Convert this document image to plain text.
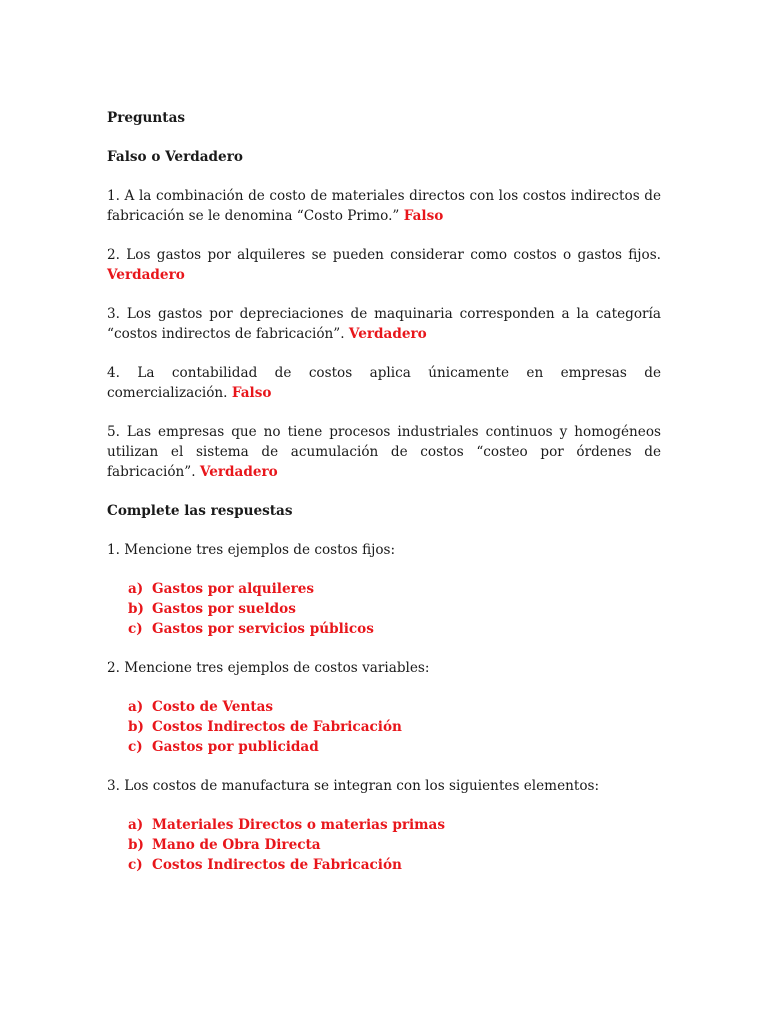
Preguntas

Falso o Verdadero

1. A la combinación de costo de materiales directos con los costos indirectos de fabricación se le denomina “Costo Primo.” Falso

2. Los gastos por alquileres se pueden considerar como costos o gastos fijos. Verdadero

3. Los gastos por depreciaciones de maquinaria corresponden a la categoría “costos indirectos de fabricación”. Verdadero

4. La contabilidad de costos aplica únicamente en empresas de comercialización. Falso

5. Las empresas que no tiene procesos industriales continuos y homogéneos utilizan el sistema de acumulación de costos “costeo por órdenes de fabricación”. Verdadero

Complete las respuestas

1. Mencione tres ejemplos de costos fijos:

a) Gastos por alquileres
b) Gastos por sueldos
c) Gastos por servicios públicos

2. Mencione tres ejemplos de costos variables:

a) Costo de Ventas
b) Costos Indirectos de Fabricación
c) Gastos por publicidad

3. Los costos de manufactura se integran con los siguientes elementos:

a) Materiales Directos o materias primas
b) Mano de Obra Directa
c) Costos Indirectos de Fabricación
